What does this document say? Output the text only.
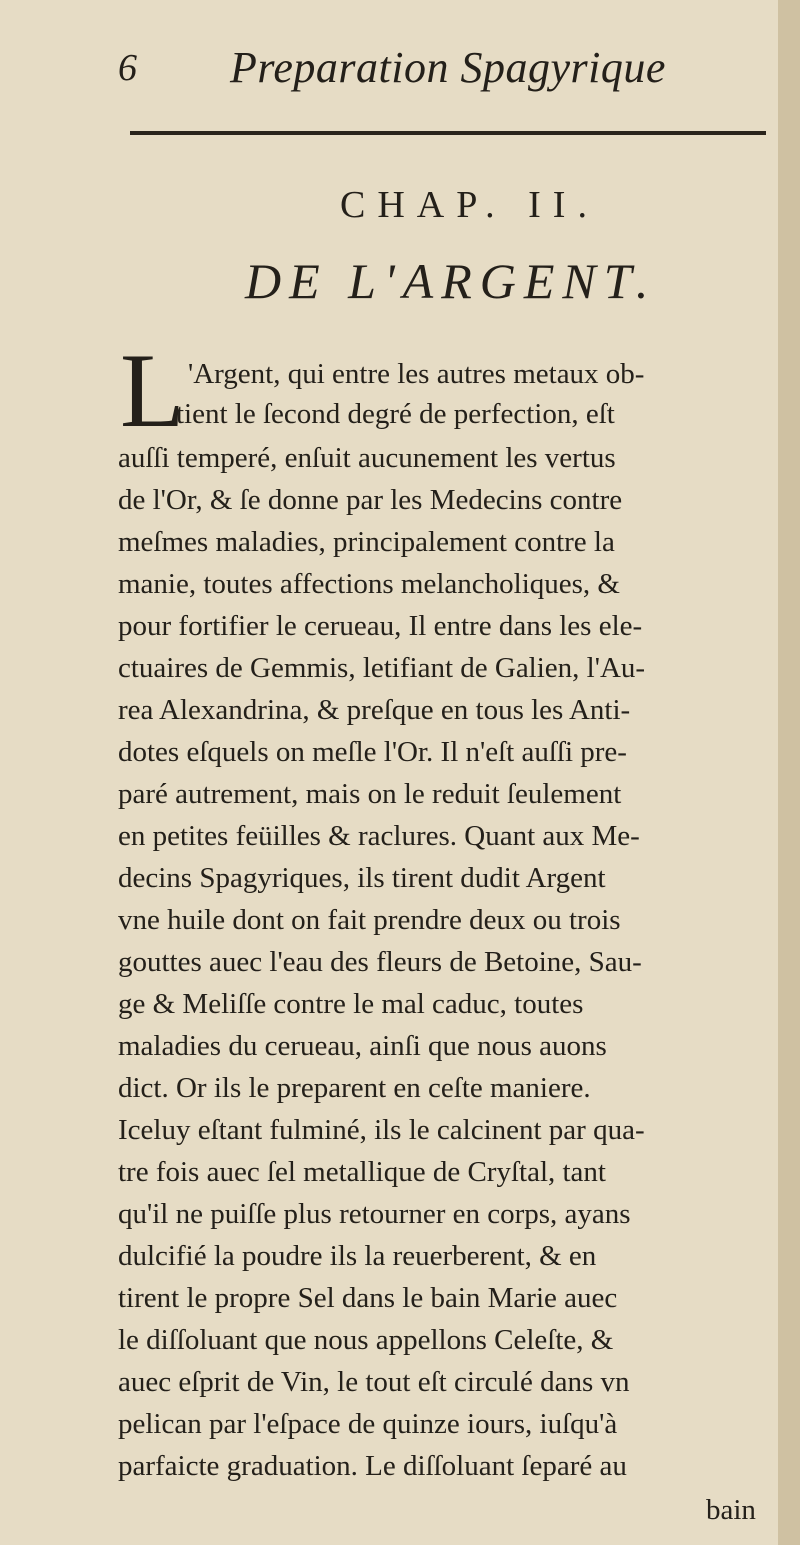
6 Preparation Spagyrique
CHAP. II.
DE L'ARGENT.
L 'Argent, qui entre les autres metaux ob-
tient le ſecond degré de perfection, eſt
auſſi temperé, enſuit aucunement les vertus
de l'Or, & ſe donne par les Medecins contre
meſmes maladies, principalement contre la
manie, toutes affections melancholiques, &
pour fortifier le cerueau, Il entre dans les ele-
ctuaires de Gemmis, letifiant de Galien, l'Au-
rea Alexandrina, & preſque en tous les Anti-
dotes eſquels on meſle l'Or. Il n'eſt auſſi pre-
paré autrement, mais on le reduit ſeulement
en petites feüilles & raclures. Quant aux Me-
decins Spagyriques, ils tirent dudit Argent
vne huile dont on fait prendre deux ou trois
gouttes auec l'eau des fleurs de Betoine, Sau-
ge & Meliſſe contre le mal caduc, toutes
maladies du cerueau, ainſi que nous auons
dict. Or ils le preparent en ceſte maniere.
Iceluy eſtant fulminé, ils le calcinent par qua-
tre fois auec ſel metallique de Cryſtal, tant
qu'il ne puiſſe plus retourner en corps, ayans
dulcifié la poudre ils la reuerberent, & en
tirent le propre Sel dans le bain Marie auec
le diſſoluant que nous appellons Celeſte, &
auec eſprit de Vin, le tout eſt circulé dans vn
pelican par l'eſpace de quinze iours, iuſqu'à
parfaicte graduation. Le diſſoluant ſeparé au
bain
